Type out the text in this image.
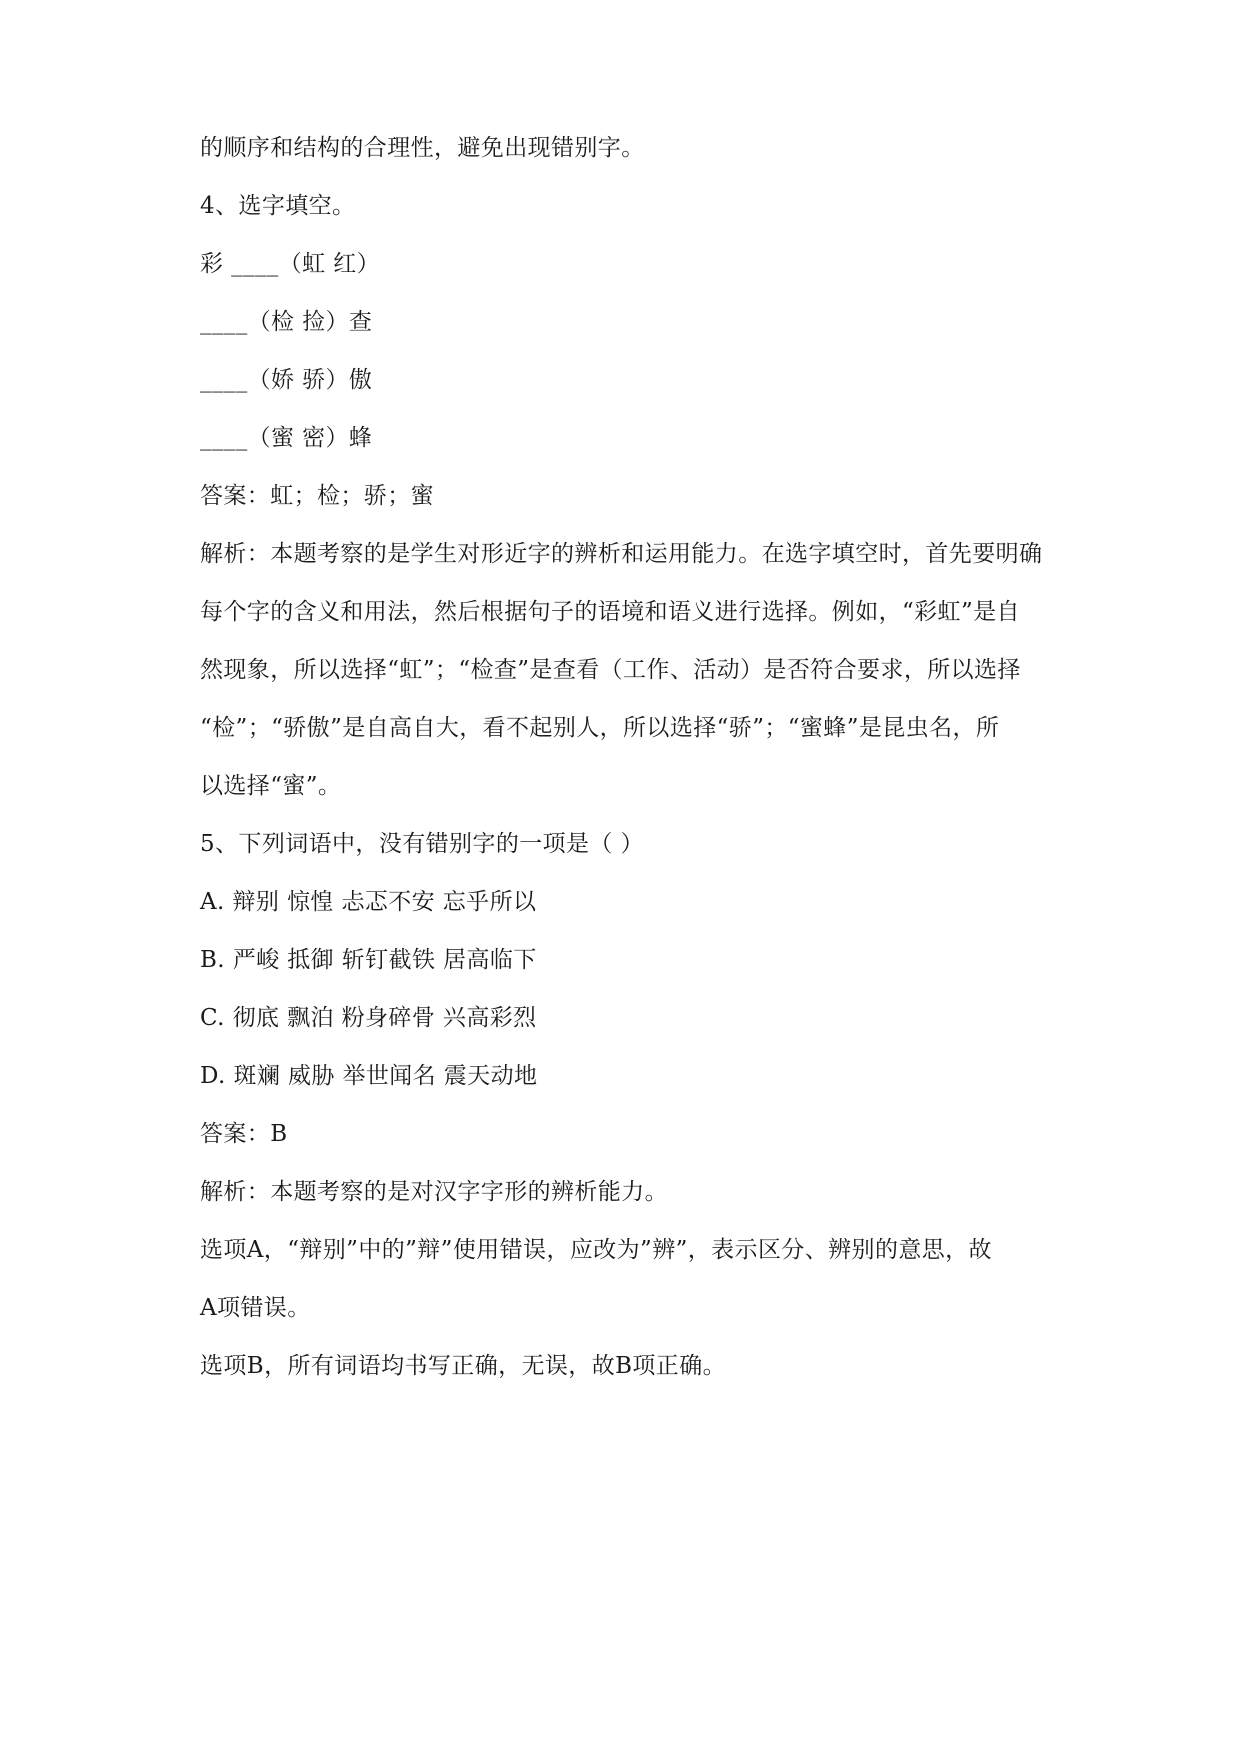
的顺序和结构的合理性，避免出现错别字。

4、选字填空。

彩 ____（虹 红）

____（检 捡）查

____（娇 骄）傲

____（蜜 密）蜂

答案：虹；检；骄；蜜

解析：本题考察的是学生对形近字的辨析和运用能力。在选字填空时，首先要明确

每个字的含义和用法，然后根据句子的语境和语义进行选择。例如，“彩虹”是自

然现象，所以选择“虹”；“检查”是查看（工作、活动）是否符合要求，所以选择

“检”；“骄傲”是自高自大，看不起别人，所以选择“骄”；“蜜蜂”是昆虫名，所

以选择“蜜”。

5、下列词语中，没有错别字的一项是（ ）

A. 辩别 惊惶 忐忑不安 忘乎所以

B. 严峻 抵御 斩钉截铁 居高临下

C. 彻底 飘泊 粉身碎骨 兴高彩烈

D. 斑斓 威胁 举世闻名 震天动地

答案：B

解析：本题考察的是对汉字字形的辨析能力。

选项A，“辩别”中的”辩”使用错误，应改为”辨”，表示区分、辨别的意思，故

A项错误。

选项B，所有词语均书写正确，无误，故B项正确。
